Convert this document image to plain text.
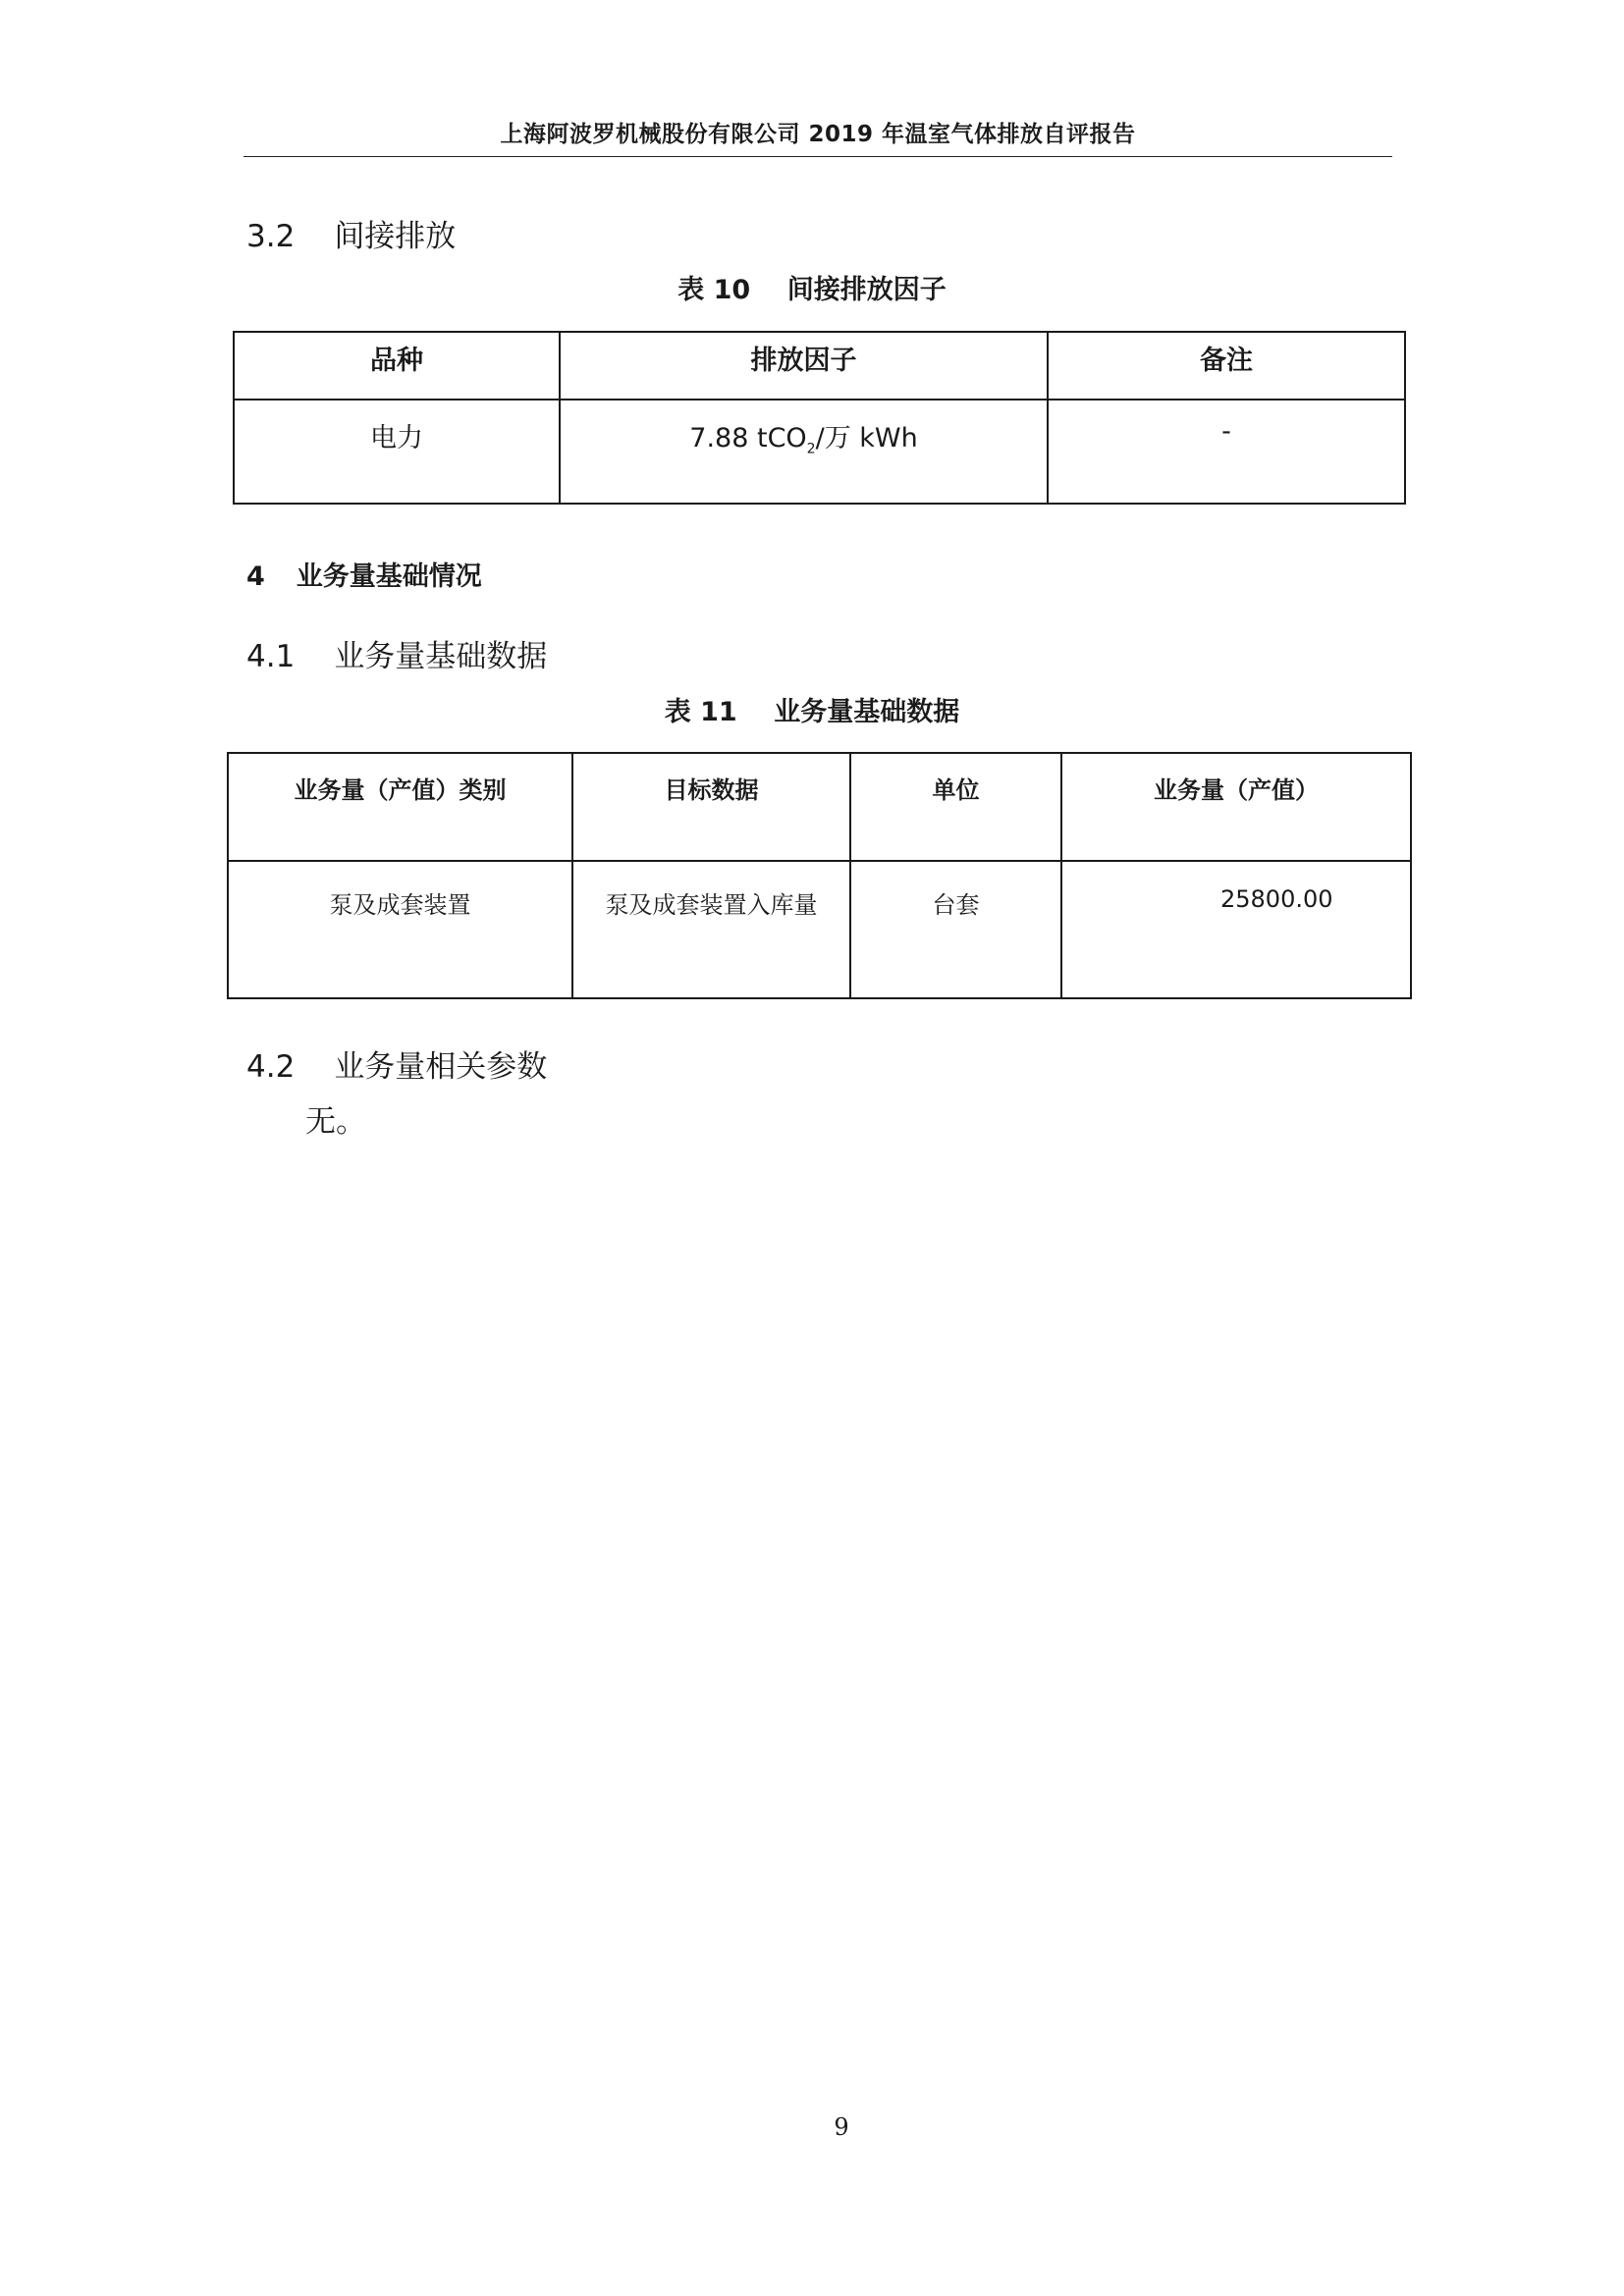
上海阿波罗机械股份有限公司 2019 年温室气体排放自评报告
3.2 间接排放
表 10    间接排放因子
品种	排放因子	备注
电力	7.88 tCO$_2$/万 kWh	-
4 业务量基础情况
4.1 业务量基础数据
表 11    业务量基础数据
业务量（产值）类别	目标数据	单位	业务量（产值）
泵及成套装置	泵及成套装置入库量	台套	25800.00
4.2 业务量相关参数
无。
9
